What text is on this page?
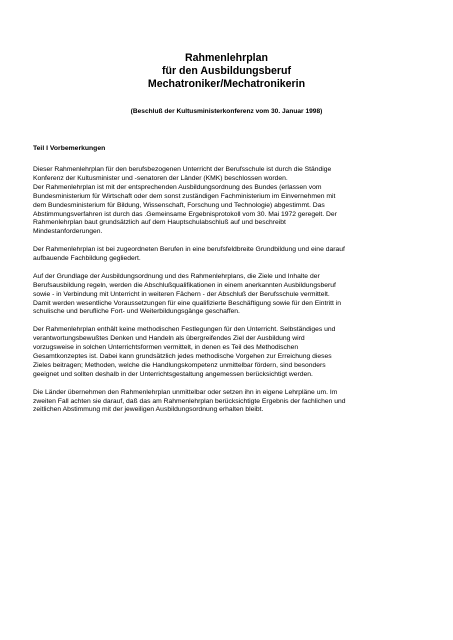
Rahmenlehrplan
für den Ausbildungsberuf
Mechatroniker/Mechatronikerin
(Beschluß der Kultusministerkonferenz vom 30. Januar 1998)
Teil I Vorbemerkungen

Dieser Rahmenlehrplan für den berufsbezogenen Unterricht der Berufsschule ist durch die Ständige
Konferenz der Kultusminister und -senatoren der Länder (KMK) beschlossen worden.
Der Rahmenlehrplan ist mit der entsprechenden Ausbildungsordnung des Bundes (erlassen vom
Bundesministerium für Wirtschaft oder dem sonst zuständigen Fachministerium im Einvernehmen mit
dem Bundesministerium für Bildung, Wissenschaft, Forschung und Technologie) abgestimmt. Das
Abstimmungsverfahren ist durch das .Gemeinsame Ergebnisprotokoll vom 30. Mai 1972 geregelt. Der
Rahmenlehrplan baut grundsätzlich auf dem Hauptschulabschluß auf und beschreibt
Mindestanforderungen.

Der Rahmenlehrplan ist bei zugeordneten Berufen in eine berufsfeldbreite Grundbildung und eine darauf
aufbauende Fachbildung gegliedert.

Auf der Grundlage der Ausbildungsordnung und des Rahmenlehrplans, die Ziele und Inhalte der
Berufsausbildung regeln, werden die Abschlußqualifikationen in einem anerkannten Ausbildungsberuf
sowie - in Verbindung mit Unterricht in weiteren Fächern - der Abschluß der Berufsschule vermittelt.
Damit werden wesentliche Voraussetzungen für eine qualifizierte Beschäftigung sowie für den Eintritt in
schulische und berufliche Fort- und Weiterbildungsgänge geschaffen.

Der Rahmenlehrplan enthält keine methodischen Festlegungen für den Unterricht. Selbständiges und
verantwortungsbewußtes Denken und Handeln als übergreifendes Ziel der Ausbildung wird
vorzugsweise in solchen Unterrichtsformen vermittelt, in denen es Teil des Methodischen
Gesamtkonzeptes ist. Dabei kann grundsätzlich jedes methodische Vorgehen zur Erreichung dieses
Zieles beitragen; Methoden, welche die Handlungskompetenz unmittelbar fördern, sind besonders
geeignet und sollten deshalb in der Unterrichtsgestaltung angemessen berücksichtigt werden.

Die Länder übernehmen den Rahmenlehrplan unmittelbar oder setzen ihn in eigene Lehrpläne um. Im
zweiten Fall achten sie darauf, daß das am Rahmenlehrplan berücksichtigte Ergebnis der fachlichen und
zeitlichen Abstimmung mit der jeweiligen Ausbildungsordnung erhalten bleibt.
